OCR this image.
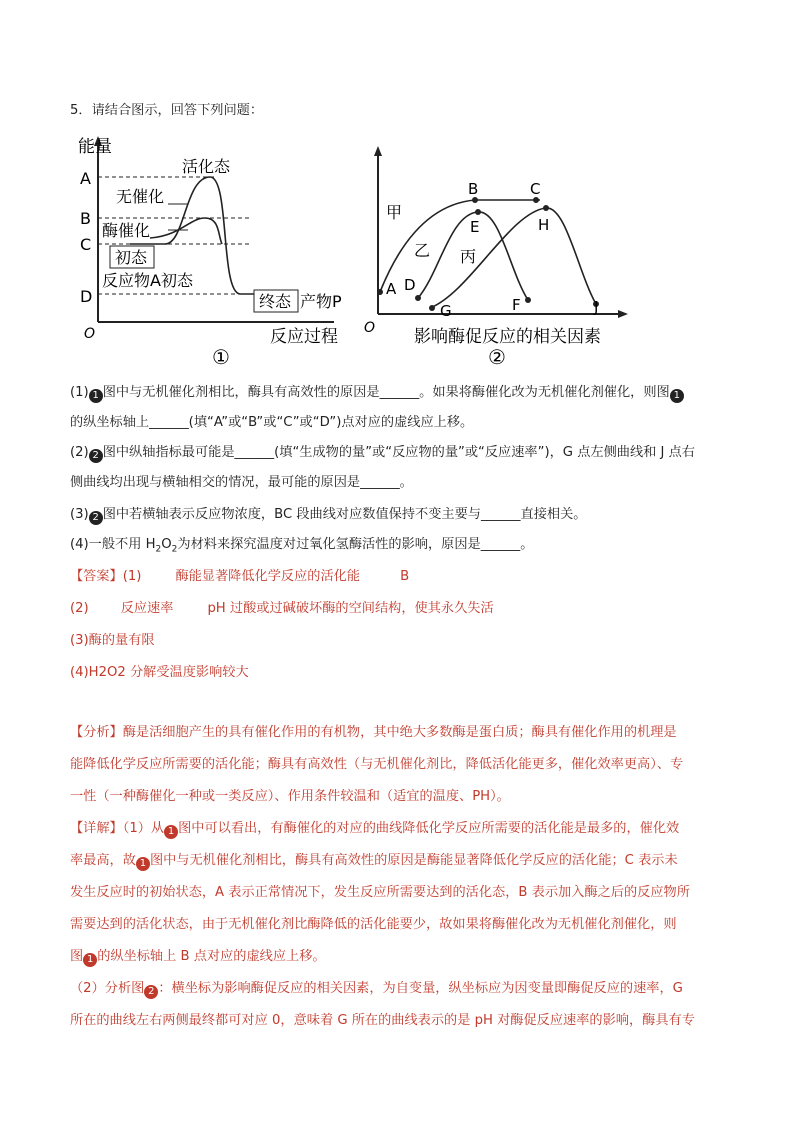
5．请结合图示，回答下列问题：
能量
O	反应过程
A
B
C
D
活化态
无催化
酶催化
初态
反应物A初态
终态 产物P
①
O 影响酶促反应的相关因素
甲
乙 丙
A
B	C
D
E
F
G
H
J
②
(1) 1 图中与无机催化剂相比，酶具有高效性的原因是______。如果将酶催化改为无机催化剂催化，则图 1
的纵坐标轴上______(填“A”或“B”或“C”或“D”)点对应的虚线应上移。
(2) 2 图中纵轴指标最可能是______(填“生成物的量”或“反应物的量”或“反应速率”)，G 点左侧曲线和 J 点右
侧曲线均出现与横轴相交的情况，最可能的原因是______。
(3) 2 图中若横轴表示反应物浓度，BC 段曲线对应数值保持不变主要与______直接相关。
(4)一般不用 $H_2O_2$为材料来探究温度对过氧化氢酶活性的影响，原因是______。
【答案】(1)	酶能显著降低化学反应的活化能	B
(2) 反应速率	pH 过酸或过碱破坏酶的空间结构，使其永久失活
(3)酶的量有限
(4)H2O2 分解受温度影响较大
【分析】酶是活细胞产生的具有催化作用的有机物，其中绝大多数酶是蛋白质；酶具有催化作用的机理是
能降低化学反应所需要的活化能；酶具有高效性（与无机催化剂比，降低活化能更多，催化效率更高）、专
一性（一种酶催化一种或一类反应）、作用条件较温和（适宜的温度、PH）。
【详解】（1）从 1 图中可以看出，有酶催化的对应的曲线降低化学反应所需要的活化能是最多的，催化效
率最高，故 1 图中与无机催化剂相比，酶具有高效性的原因是酶能显著降低化学反应的活化能；C 表示未
发生反应时的初始状态，A 表示正常情况下，发生反应所需要达到的活化态，B 表示加入酶之后的反应物所
需要达到的活化状态，由于无机催化剂比酶降低的活化能要少，故如果将酶催化改为无机催化剂催化，则
图 1 的纵坐标轴上 B 点对应的虚线应上移。
（2）分析图 2 ：横坐标为影响酶促反应的相关因素，为自变量，纵坐标应为因变量即酶促反应的速率，G
所在的曲线左右两侧最终都可对应 0，意味着 G 所在的曲线表示的是 pH 对酶促反应速率的影响，酶具有专
